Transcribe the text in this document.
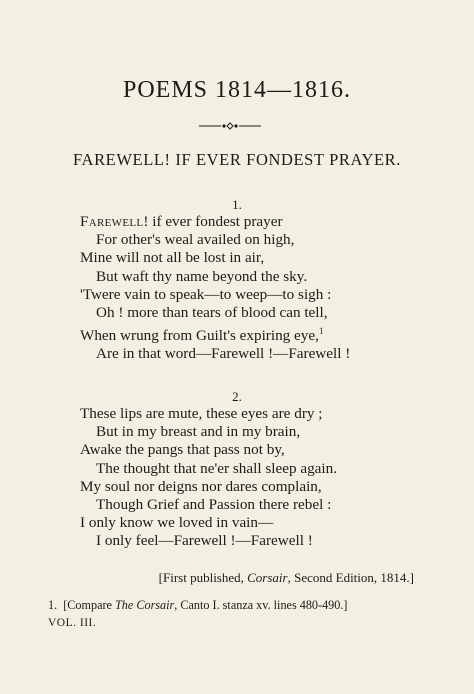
POEMS 1814—1816.
FAREWELL! IF EVER FONDEST PRAYER.
1.
Farewell! if ever fondest prayer
For other's weal availed on high,
Mine will not all be lost in air,
But waft thy name beyond the sky.
'Twere vain to speak—to weep—to sigh :
Oh ! more than tears of blood can tell,
When wrung from Guilt's expiring eye,$^1$
Are in that word—Farewell !—Farewell !
2.
These lips are mute, these eyes are dry ;
But in my breast and in my brain,
Awake the pangs that pass not by,
The thought that ne'er shall sleep again.
My soul nor deigns nor dares complain,
Though Grief and Passion there rebel :
I only know we loved in vain—
I only feel—Farewell !—Farewell !
[First published, Corsair, Second Edition, 1814.]
1. [Compare The Corsair, Canto I. stanza xv. lines 480-490.]
VOL. III.
